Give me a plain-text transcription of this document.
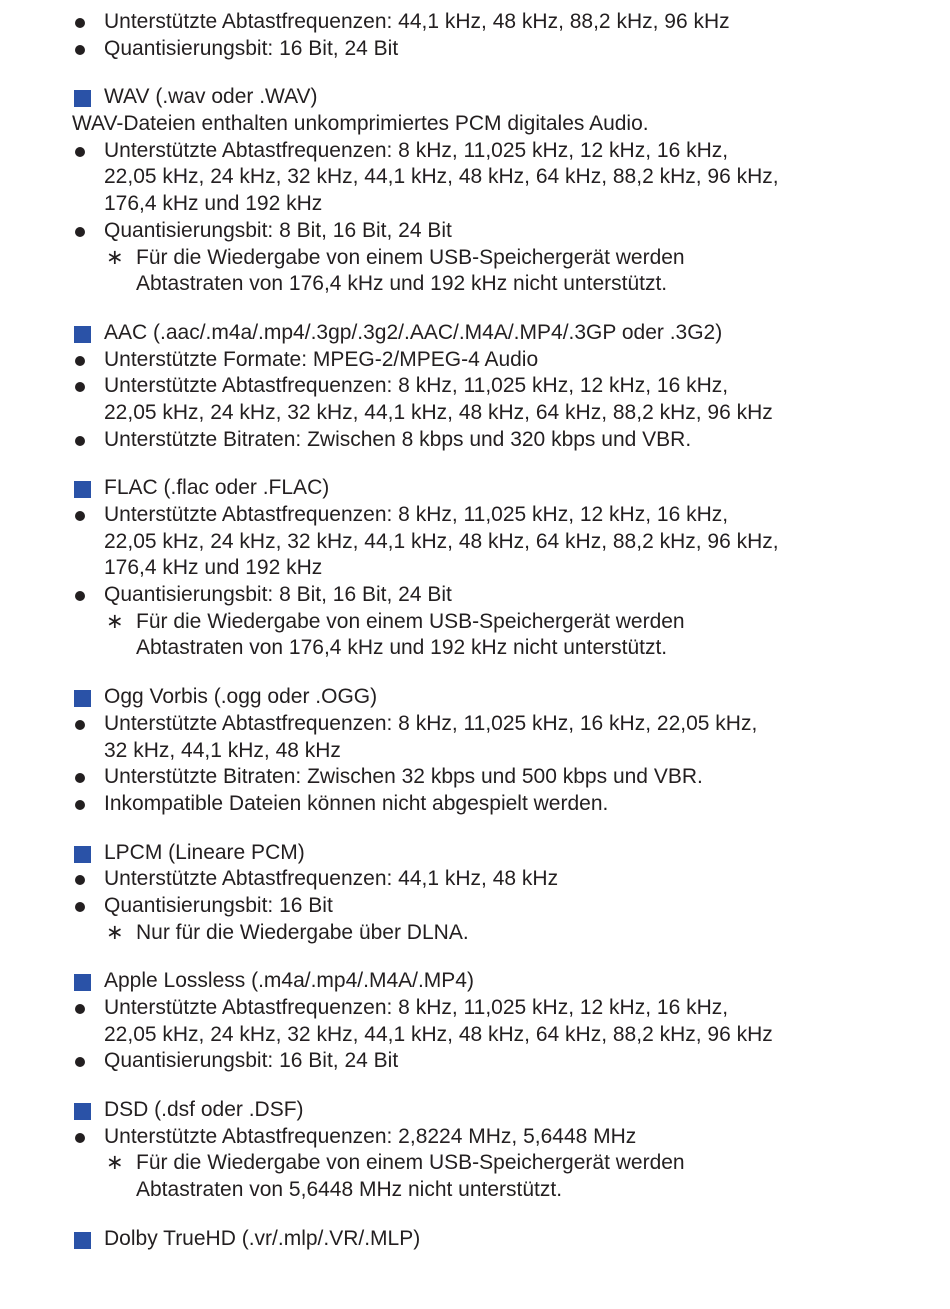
Unterstützte Abtastfrequenzen: 44,1 kHz, 48 kHz, 88,2 kHz, 96 kHz
Quantisierungsbit: 16 Bit, 24 Bit
WAV (.wav oder .WAV)
WAV-Dateien enthalten unkomprimiertes PCM digitales Audio.
Unterstützte Abtastfrequenzen: 8 kHz, 11,025 kHz, 12 kHz, 16 kHz,
22,05 kHz, 24 kHz, 32 kHz, 44,1 kHz, 48 kHz, 64 kHz, 88,2 kHz, 96 kHz,
176,4 kHz und 192 kHz
Quantisierungsbit: 8 Bit, 16 Bit, 24 Bit
∗ Für die Wiedergabe von einem USB-Speichergerät werden
Abtastraten von 176,4 kHz und 192 kHz nicht unterstützt.
AAC (.aac/.m4a/.mp4/.3gp/.3g2/.AAC/.M4A/.MP4/.3GP oder .3G2)
Unterstützte Formate: MPEG-2/MPEG-4 Audio
Unterstützte Abtastfrequenzen: 8 kHz, 11,025 kHz, 12 kHz, 16 kHz,
22,05 kHz, 24 kHz, 32 kHz, 44,1 kHz, 48 kHz, 64 kHz, 88,2 kHz, 96 kHz
Unterstützte Bitraten: Zwischen 8 kbps und 320 kbps und VBR.
FLAC (.flac oder .FLAC)
Unterstützte Abtastfrequenzen: 8 kHz, 11,025 kHz, 12 kHz, 16 kHz,
22,05 kHz, 24 kHz, 32 kHz, 44,1 kHz, 48 kHz, 64 kHz, 88,2 kHz, 96 kHz,
176,4 kHz und 192 kHz
Quantisierungsbit: 8 Bit, 16 Bit, 24 Bit
∗ Für die Wiedergabe von einem USB-Speichergerät werden
Abtastraten von 176,4 kHz und 192 kHz nicht unterstützt.
Ogg Vorbis (.ogg oder .OGG)
Unterstützte Abtastfrequenzen: 8 kHz, 11,025 kHz, 16 kHz, 22,05 kHz,
32 kHz, 44,1 kHz, 48 kHz
Unterstützte Bitraten: Zwischen 32 kbps und 500 kbps und VBR.
Inkompatible Dateien können nicht abgespielt werden.
LPCM (Lineare PCM)
Unterstützte Abtastfrequenzen: 44,1 kHz, 48 kHz
Quantisierungsbit: 16 Bit
∗ Nur für die Wiedergabe über DLNA.
Apple Lossless (.m4a/.mp4/.M4A/.MP4)
Unterstützte Abtastfrequenzen: 8 kHz, 11,025 kHz, 12 kHz, 16 kHz,
22,05 kHz, 24 kHz, 32 kHz, 44,1 kHz, 48 kHz, 64 kHz, 88,2 kHz, 96 kHz
Quantisierungsbit: 16 Bit, 24 Bit
DSD (.dsf oder .DSF)
Unterstützte Abtastfrequenzen: 2,8224 MHz, 5,6448 MHz
∗ Für die Wiedergabe von einem USB-Speichergerät werden
Abtastraten von 5,6448 MHz nicht unterstützt.
Dolby TrueHD (.vr/.mlp/.VR/.MLP)
